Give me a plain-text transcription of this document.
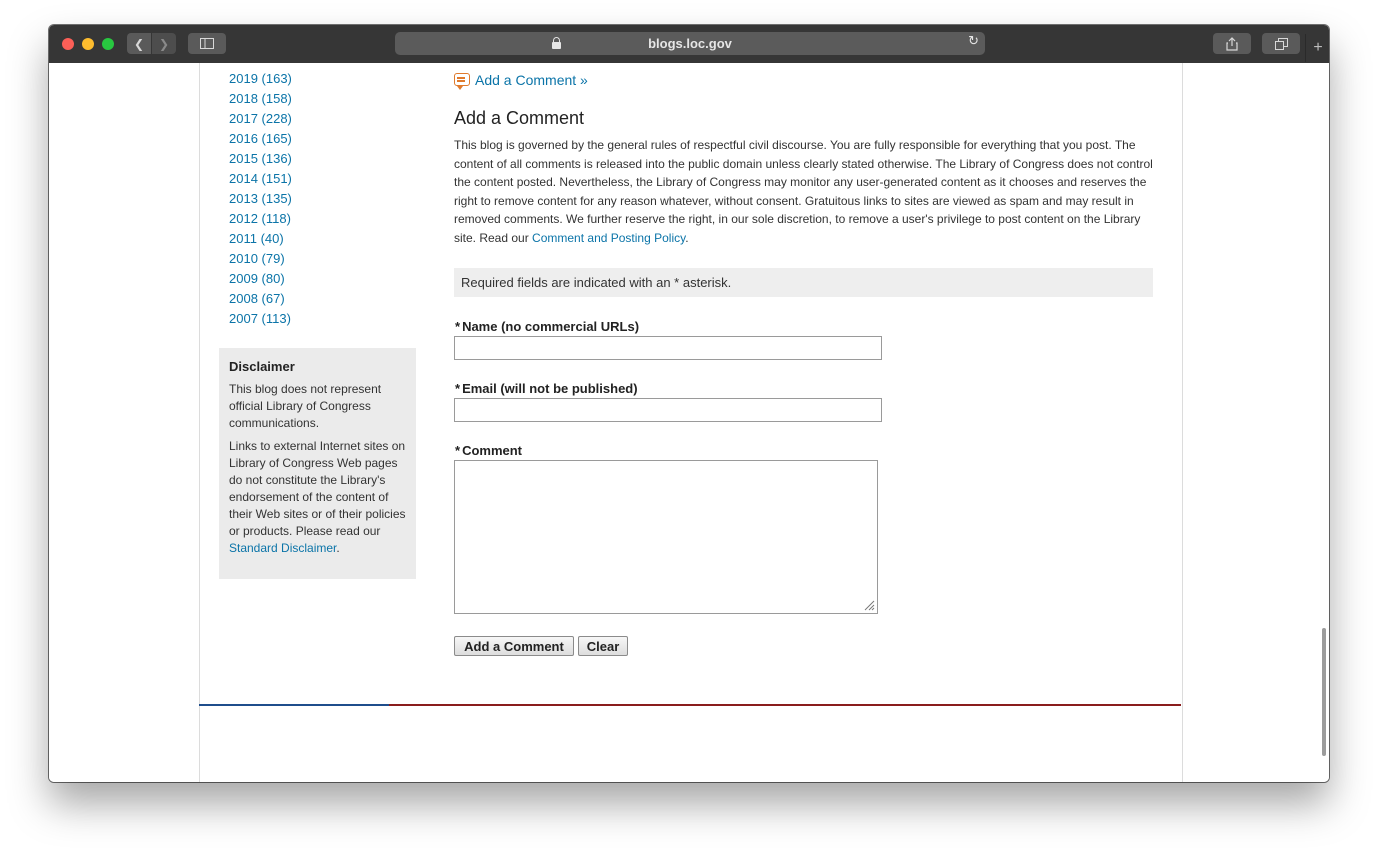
❮ ❯	blogs.loc.gov	↻	+
2019 (163)
2018 (158)
2017 (228)
2016 (165)
2015 (136)
2014 (151)
2013 (135)
2012 (118)
2011 (40)
2010 (79)
2009 (80)
2008 (67)
2007 (113)
Disclaimer

This blog does not represent official Library of Congress communications.

Links to external Internet sites on Library of Congress Web pages do not constitute the Library's endorsement of the content of their Web sites or of their policies or products. Please read our Standard Disclaimer.

Add a Comment »
Add a Comment

This blog is governed by the general rules of respectful civil discourse. You are fully responsible for everything that you post. The content of all comments is released into the public domain unless clearly stated otherwise. The Library of Congress does not control the content posted. Nevertheless, the Library of Congress may monitor any user-generated content as it chooses and reserves the right to remove content for any reason whatever, without consent. Gratuitous links to sites are viewed as spam and may result in removed comments. We further reserve the right, in our sole discretion, to remove a user's privilege to post content on the Library site. Read our Comment and Posting Policy.

Required fields are indicated with an * asterisk.
* Name (no commercial URLs)
* Email (will not be published)
* Comment
Add a Comment	Clear
